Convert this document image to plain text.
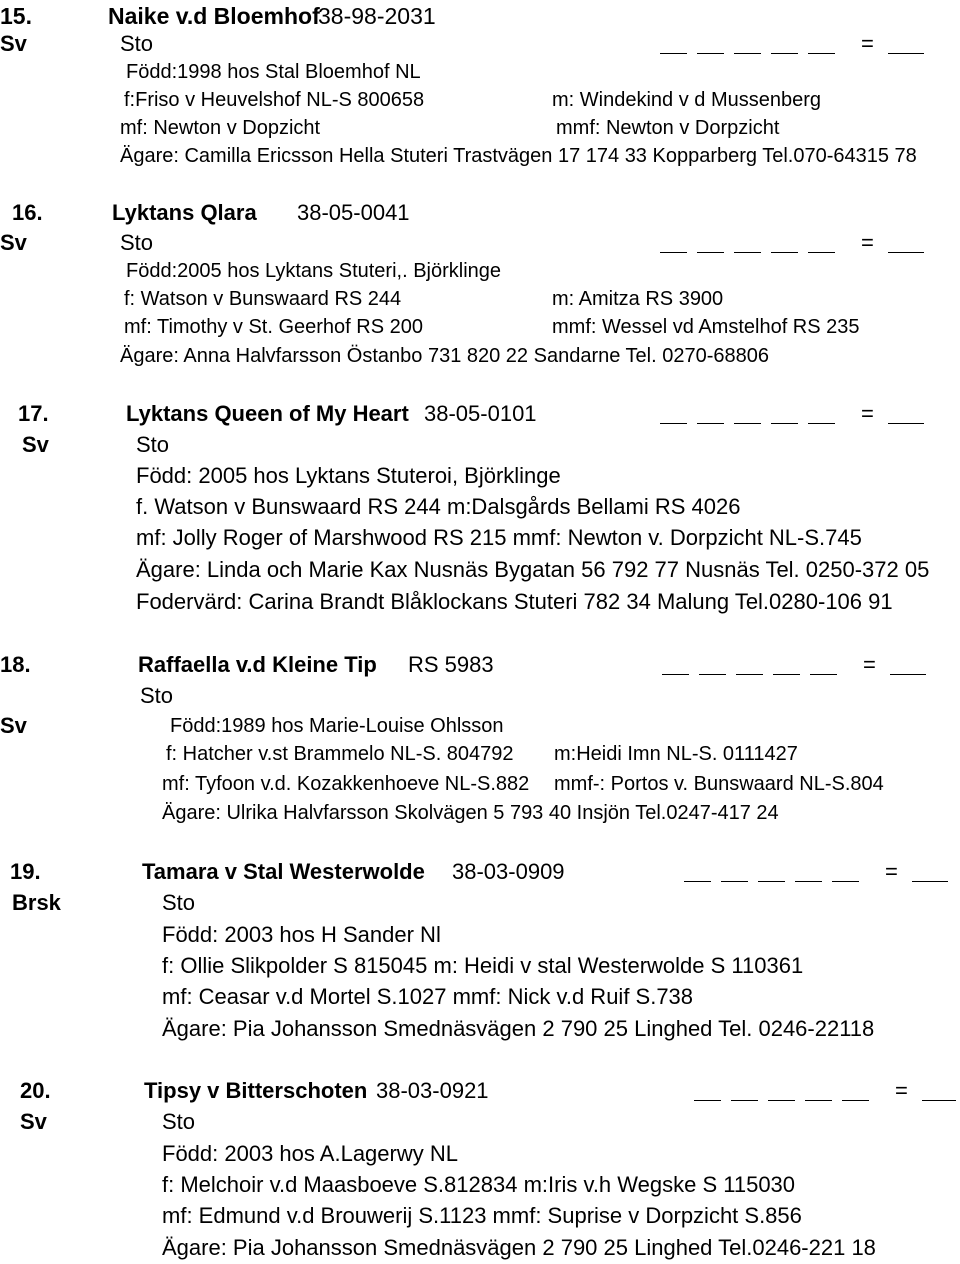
15.	Naike v.d Bloemhof
38-98-2031
Sv	Sto	=
Född:1998 hos Stal Bloemhof NL
f:Friso v Heuvelshof NL-S 800658	m: Windekind v d Mussenberg
mf: Newton v Dopzicht	mmf: Newton v Dorpzicht
Ägare: Camilla Ericsson Hella Stuteri Trastvägen 17 174 33 Kopparberg Tel.070-64315 78
16.	Lyktans Qlara 38-05-0041
Sv	Sto	=
Född:2005 hos Lyktans Stuteri,. Björklinge
f: Watson v Bunswaard RS 244	m: Amitza RS 3900
mf: Timothy v St. Geerhof RS 200	mmf: Wessel vd Amstelhof RS 235
Ägare: Anna Halvfarsson Östanbo 731 820 22 Sandarne Tel. 0270-68806
17.	Lyktans Queen of My Heart 38-05-0101	=
Sv	Sto
Född: 2005 hos Lyktans Stuteroi, Björklinge
f. Watson v Bunswaard RS 244 m:Dalsgårds Bellami RS 4026
mf: Jolly Roger of Marshwood RS 215 mmf: Newton v. Dorpzicht NL-S.745
Ägare: Linda och Marie Kax Nusnäs Bygatan 56 792 77 Nusnäs Tel. 0250-372 05
Fodervärd: Carina Brandt Blåklockans Stuteri 782 34 Malung Tel.0280-106 91
18.	Raffaella v.d Kleine Tip RS 5983	=
Sto
Sv	Född:1989 hos Marie-Louise Ohlsson
f: Hatcher v.st Brammelo NL-S. 804792 m:Heidi Imn NL-S. 0111427
mf: Tyfoon v.d. Kozakkenhoeve NL-S.882 mmf-: Portos v. Bunswaard NL-S.804
Ägare: Ulrika Halvfarsson Skolvägen 5 793 40 Insjön Tel.0247-417 24
19.	Tamara v Stal Westerwolde 38-03-0909	=
Brsk	Sto
Född: 2003 hos H Sander Nl
f: Ollie Slikpolder S 815045 m: Heidi v stal Westerwolde S 110361
mf: Ceasar v.d Mortel S.1027 mmf: Nick v.d Ruif S.738
Ägare: Pia Johansson Smednäsvägen 2 790 25 Linghed Tel. 0246-22118
20.	Tipsy v Bitterschoten 38-03-0921	=
Sv	Sto
Född: 2003 hos A.Lagerwy NL
f: Melchoir v.d Maasboeve S.812834 m:Iris v.h Wegske S 115030
mf: Edmund v.d Brouwerij S.1123 mmf: Suprise v Dorpzicht S.856
Ägare: Pia Johansson Smednäsvägen 2 790 25 Linghed Tel.0246-221 18
